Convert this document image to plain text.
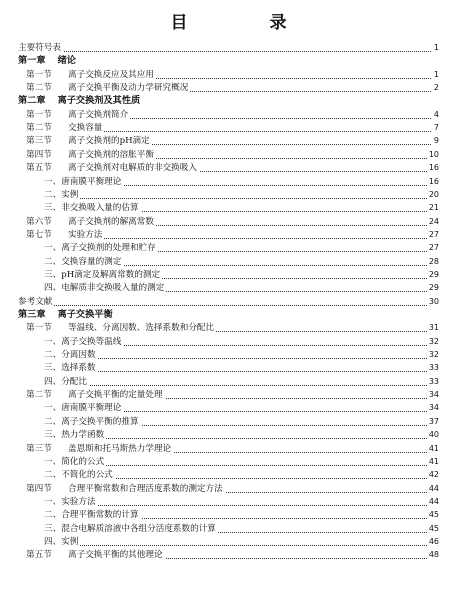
目 录
主要符号表	1
第一章 绪论
第一节 离子交换反应及其应用	1
第二节 离子交换平衡及动力学研究概况	2
第二章 离子交换剂及其性质
第一节 离子交换剂简介	4
第二节 交换容量	7
第三节 离子交换剂的pH滴定	9
第四节 离子交换剂的溶胀平衡	10
第五节 离子交换剂对电解质的非交换吸入	16
一、唐南膜平衡理论	16
二、实例	20
三、非交换吸入量的估算	21
第六节 离子交换剂的解离常数	24
第七节 实验方法	27
一、离子交换剂的处理和贮存	27
二、交换容量的测定	28
三、pH滴定及解离常数的测定	29
四、电解质非交换吸入量的测定	29
参考文献	30
第三章 离子交换平衡
第一节 等温线、分离因数、选择系数和分配比	31
一、离子交换等温线	32
二、分离因数	32
三、选择系数	33
四、分配比	33
第二节 离子交换平衡的定量处理	34
一、唐南膜平衡理论	34
二、离子交换平衡的推算	37
三、热力学函数	40
第三节 盖恩斯和托马斯热力学理论	41
一、简化的公式	41
二、不简化的公式	42
第四节 合理平衡常数和合理活度系数的测定方法	44
一、实验方法	44
二、合理平衡常数的计算	45
三、混合电解质溶液中各组分活度系数的计算	45
四、实例	46
第五节 离子交换平衡的其他理论	48
